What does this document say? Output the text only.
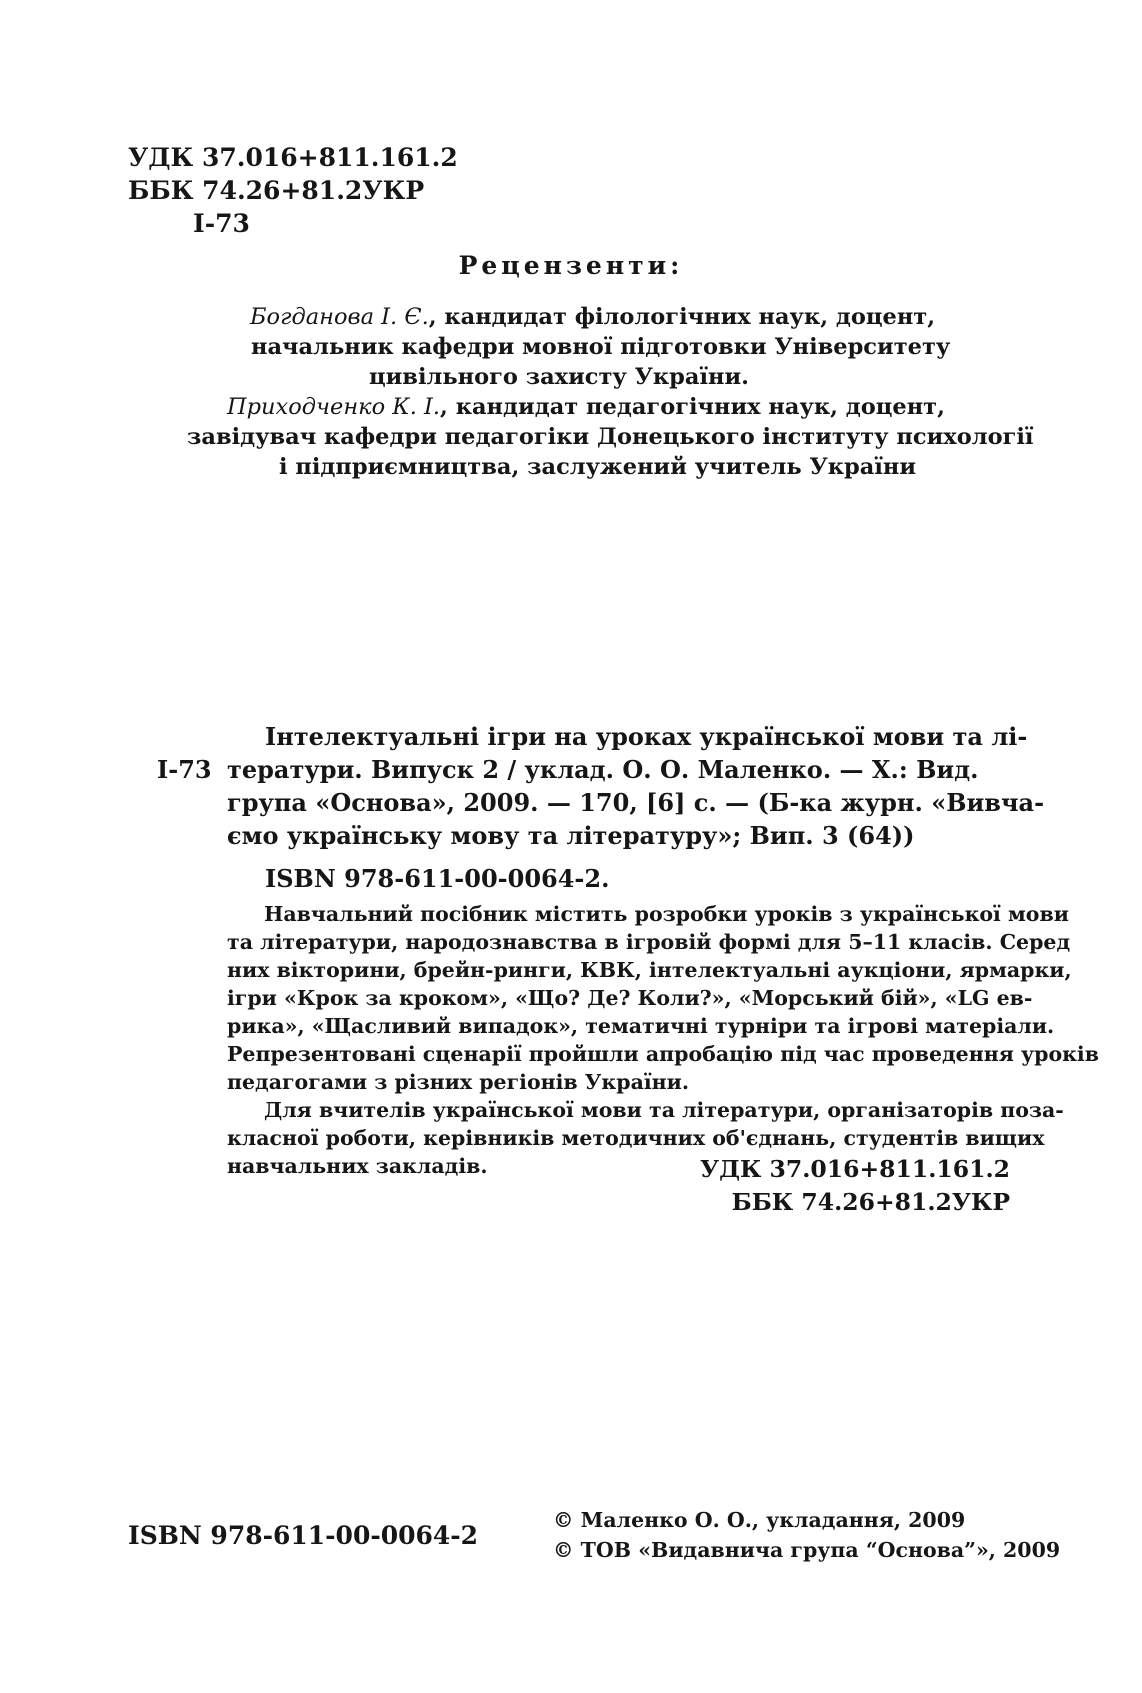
УДК 37.016+811.161.2
ББК 74.26+81.2УКР
І-73
Рецензенти:
Богданова І. Є., кандидат філологічних наук, доцент,
начальник кафедри мовної підготовки Університету
цивільного захисту України.
Приходченко К. І., кандидат педагогічних наук, доцент,
завідувач кафедри педагогіки Донецького інституту психології
і підприємництва, заслужений учитель України
І-73
Інтелектуальні ігри на уроках української мови та лі-
тератури. Випуск 2 / уклад. О. О. Маленко. — Х.: Вид.
група «Основа», 2009. — 170, [6] с. — (Б-ка журн. «Вивча-
ємо українську мову та літературу»; Вип. 3 (64))
ISBN 978-611-00-0064-2.
Навчальний посібник містить розробки уроків з української мови
та літератури, народознавства в ігровій формі для 5–11 класів. Серед
них вікторини, брейн-ринги, КВК, інтелектуальні аукціони, ярмарки,
ігри «Крок за кроком», «Що? Де? Коли?», «Морський бій», «LG ев-
рика», «Щасливий випадок», тематичні турніри та ігрові матеріали.
Репрезентовані сценарії пройшли апробацію під час проведення уроків
педагогами з різних регіонів України.
Для вчителів української мови та літератури, організаторів поза-
класної роботи, керівників методичних об'єднань, студентів вищих
навчальних закладів.	УДК 37.016+811.161.2
ББК 74.26+81.2УКР
ISBN 978-611-00-0064-2
© Маленко О. О., укладання, 2009
© ТОВ «Видавнича група “Основа”», 2009
